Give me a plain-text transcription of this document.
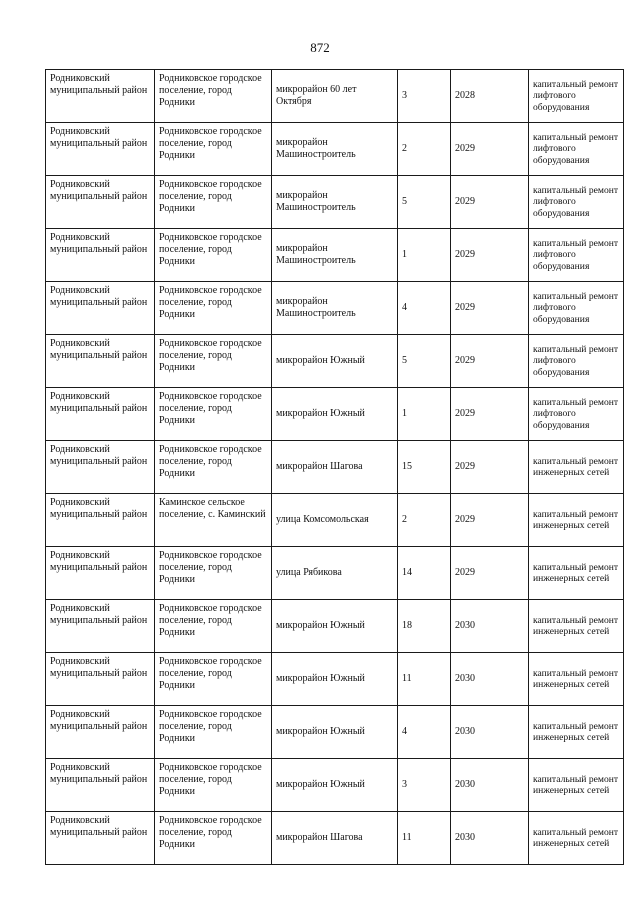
872
Родниковский муниципальный район	Родниковское городское поселение, город Родники	микрорайон 60 лет Октября	3	2028	капитальный ремонт лифтового оборудования
Родниковский муниципальный район	Родниковское городское поселение, город Родники	микрорайон Машиностроитель	2	2029	капитальный ремонт лифтового оборудования
Родниковский муниципальный район	Родниковское городское поселение, город Родники	микрорайон Машиностроитель	5	2029	капитальный ремонт лифтового оборудования
Родниковский муниципальный район	Родниковское городское поселение, город Родники	микрорайон Машиностроитель	1	2029	капитальный ремонт лифтового оборудования
Родниковский муниципальный район	Родниковское городское поселение, город Родники	микрорайон Машиностроитель	4	2029	капитальный ремонт лифтового оборудования
Родниковский муниципальный район	Родниковское городское поселение, город Родники	микрорайон Южный	5	2029	капитальный ремонт лифтового оборудования
Родниковский муниципальный район	Родниковское городское поселение, город Родники	микрорайон Южный	1	2029	капитальный ремонт лифтового оборудования
Родниковский муниципальный район	Родниковское городское поселение, город Родники	микрорайон Шагова	15	2029	капитальный ремонт инженерных сетей
Родниковский муниципальный район	Каминское сельское поселение, с. Каминский	улица Комсомольская	2	2029	капитальный ремонт инженерных сетей
Родниковский муниципальный район	Родниковское городское поселение, город Родники	улица Рябикова	14	2029	капитальный ремонт инженерных сетей
Родниковский муниципальный район	Родниковское городское поселение, город Родники	микрорайон Южный	18	2030	капитальный ремонт инженерных сетей
Родниковский муниципальный район	Родниковское городское поселение, город Родники	микрорайон Южный	11	2030	капитальный ремонт инженерных сетей
Родниковский муниципальный район	Родниковское городское поселение, город Родники	микрорайон Южный	4	2030	капитальный ремонт инженерных сетей
Родниковский муниципальный район	Родниковское городское поселение, город Родники	микрорайон Южный	3	2030	капитальный ремонт инженерных сетей
Родниковский муниципальный район	Родниковское городское поселение, город Родники	микрорайон Шагова	11	2030	капитальный ремонт инженерных сетей
